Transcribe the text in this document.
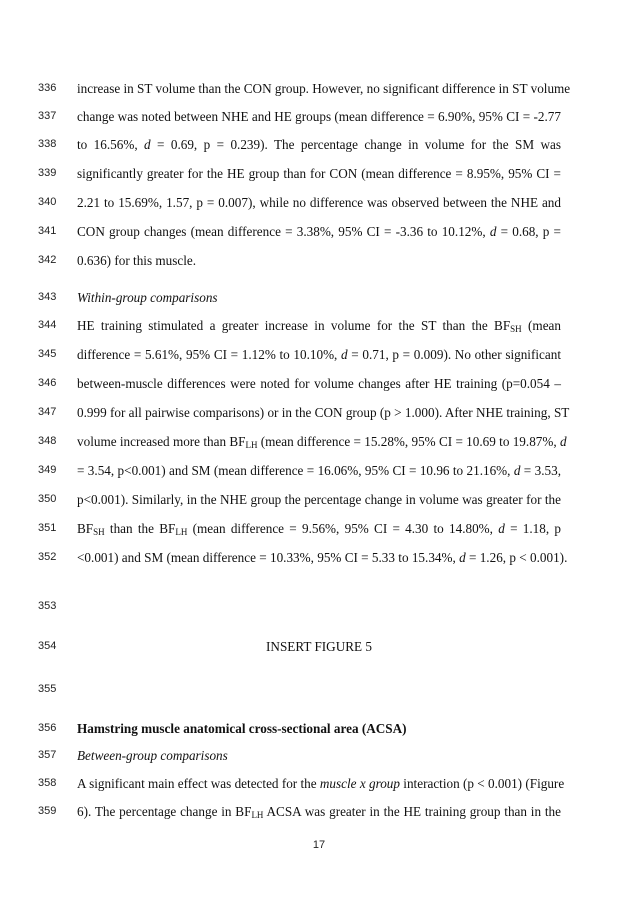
336	increase in ST volume than the CON group. However, no significant difference in ST volume
337	change was noted between NHE and HE groups (mean difference = 6.90%, 95% CI = -2.77
338	to 16.56%, d = 0.69, p = 0.239). The percentage change in volume for the SM was
339	significantly greater for the HE group than for CON (mean difference = 8.95%, 95% CI =
340	2.21 to 15.69%, 1.57, p = 0.007), while no difference was observed between the NHE and
341	CON group changes (mean difference = 3.38%, 95% CI = -3.36 to 10.12%, d = 0.68, p =
342	0.636) for this muscle.
343	Within-group comparisons
344	HE training stimulated a greater increase in volume for the ST than the $BF_{SH}$ (mean
345	difference = 5.61%, 95% CI = 1.12% to 10.10%, d = 0.71, p = 0.009). No other significant
346	between-muscle differences were noted for volume changes after HE training (p=0.054 –
347	0.999 for all pairwise comparisons) or in the CON group (p > 1.000). After NHE training, ST
348	volume increased more than $BF_{LH}$ (mean difference = 15.28%, 95% CI = 10.69 to 19.87%, d
349	= 3.54, p<0.001) and SM (mean difference = 16.06%, 95% CI = 10.96 to 21.16%, d = 3.53,
350	p<0.001). Similarly, in the NHE group the percentage change in volume was greater for the
351	$BF_{SH}$ than the $BF_{LH}$ (mean difference = 9.56%, 95% CI = 4.30 to 14.80%, d = 1.18, p
352	<0.001) and SM (mean difference = 10.33%, 95% CI = 5.33 to 15.34%, d = 1.26, p < 0.001).
353
354	INSERT FIGURE 5
355
356	Hamstring muscle anatomical cross-sectional area (ACSA)
357	Between-group comparisons
358	A significant main effect was detected for the muscle x group interaction (p < 0.001) (Figure
359	6). The percentage change in $BF_{LH}$ ACSA was greater in the HE training group than in the
17
